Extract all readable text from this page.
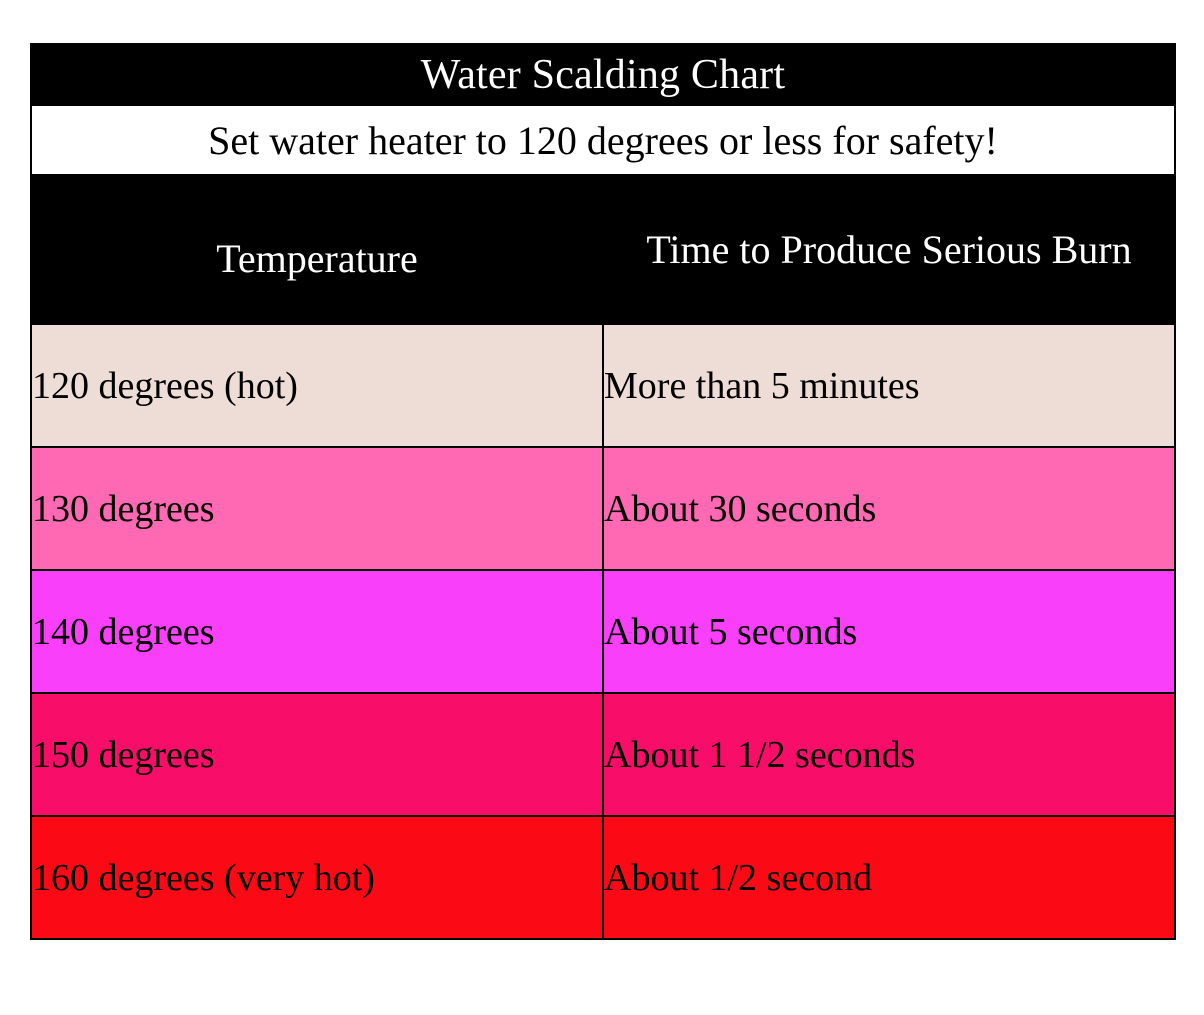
Water Scalding Chart	
Set water heater to 120 degrees or less for safety!	
Temperature	Time to Produce Serious Burn
120 degrees (hot)	More than 5 minutes
130 degrees	About 30 seconds
140 degrees	About 5 seconds
150 degrees	About 1 1/2 seconds
160 degrees (very hot)	About 1/2 second
